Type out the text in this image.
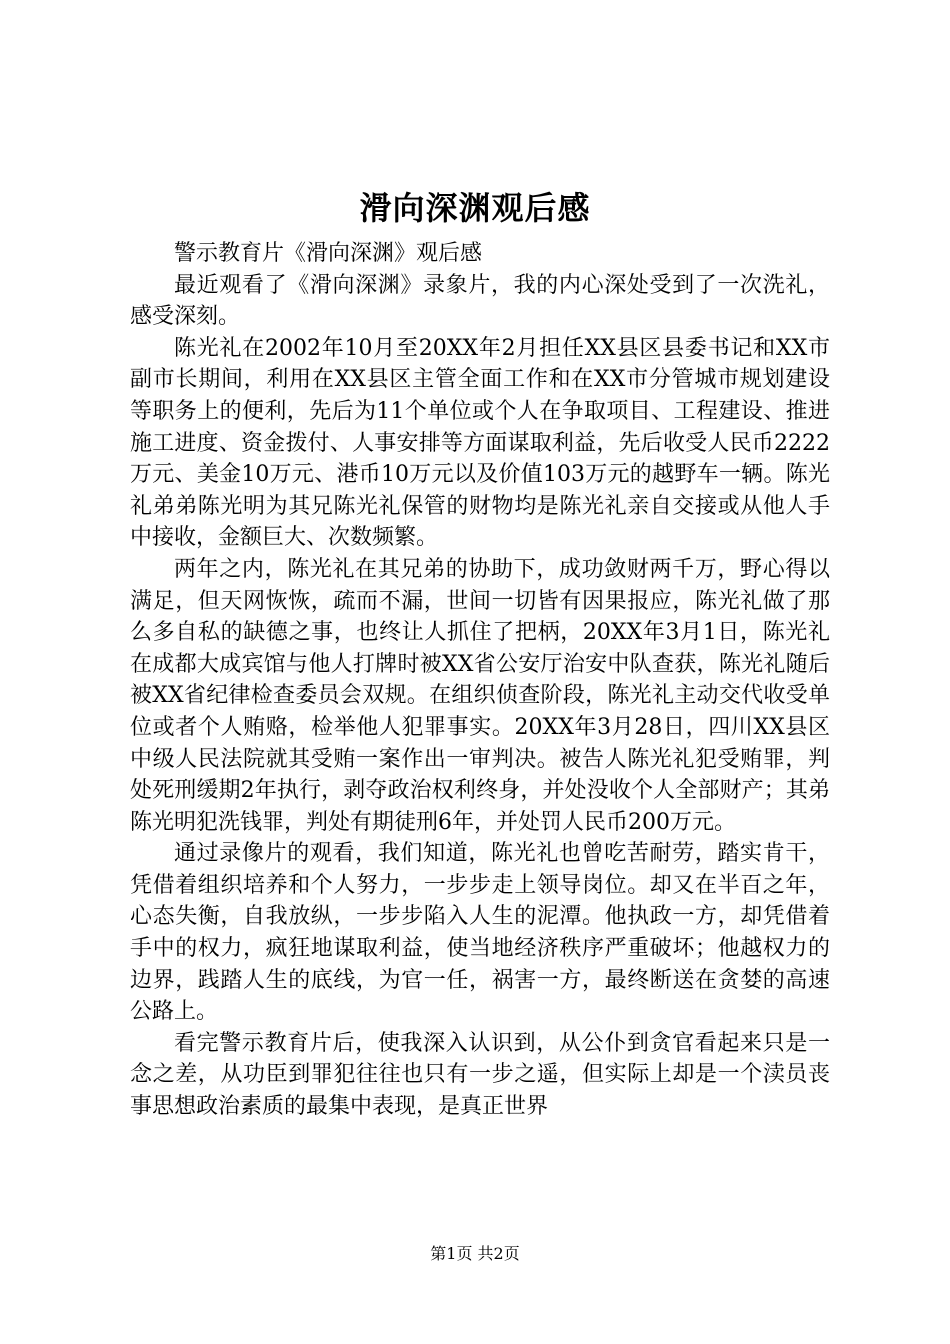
滑向深渊观后感

警示教育片《滑向深渊》观后感

最近观看了《滑向深渊》录象片，我的内心深处受到了一次洗礼，感受深刻。

陈光礼在2002年10月至20XX年2月担任XX县区县委书记和XX市副市长期间，利用在XX县区主管全面工作和在XX市分管城市规划建设等职务上的便利，先后为11个单位或个人在争取项目、工程建设、推进施工进度、资金拨付、人事安排等方面谋取利益，先后收受人民币2222万元、美金10万元、港币10万元以及价值103万元的越野车一辆。陈光礼弟弟陈光明为其兄陈光礼保管的财物均是陈光礼亲自交接或从他人手中接收，金额巨大、次数频繁。

两年之内，陈光礼在其兄弟的协助下，成功敛财两千万，野心得以满足，但天网恢恢，疏而不漏，世间一切皆有因果报应，陈光礼做了那么多自私的缺德之事，也终让人抓住了把柄，20XX年3月1日，陈光礼在成都大成宾馆与他人打牌时被XX省公安厅治安中队查获，陈光礼随后被XX省纪律检查委员会双规。在组织侦查阶段，陈光礼主动交代收受单位或者个人贿赂，检举他人犯罪事实。20XX年3月28日，四川XX县区中级人民法院就其受贿一案作出一审判决。被告人陈光礼犯受贿罪，判处死刑缓期2年执行，剥夺政治权利终身，并处没收个人全部财产；其弟陈光明犯洗钱罪，判处有期徒刑6年，并处罚人民币200万元。

通过录像片的观看，我们知道，陈光礼也曾吃苦耐劳，踏实肯干，凭借着组织培养和个人努力，一步步走上领导岗位。却又在半百之年，心态失衡，自我放纵，一步步陷入人生的泥潭。他执政一方，却凭借着手中的权力，疯狂地谋取利益，使当地经济秩序严重破坏；他越权力的边界，践踏人生的底线，为官一任，祸害一方，最终断送在贪婪的高速公路上。

看完警示教育片后，使我深入认识到，从公仆到贪官看起来只是一念之差，从功臣到罪犯往往也只有一步之遥，但实际上却是一个渎员丧事思想政治素质的最集中表现，是真正世界

第1页 共2页
